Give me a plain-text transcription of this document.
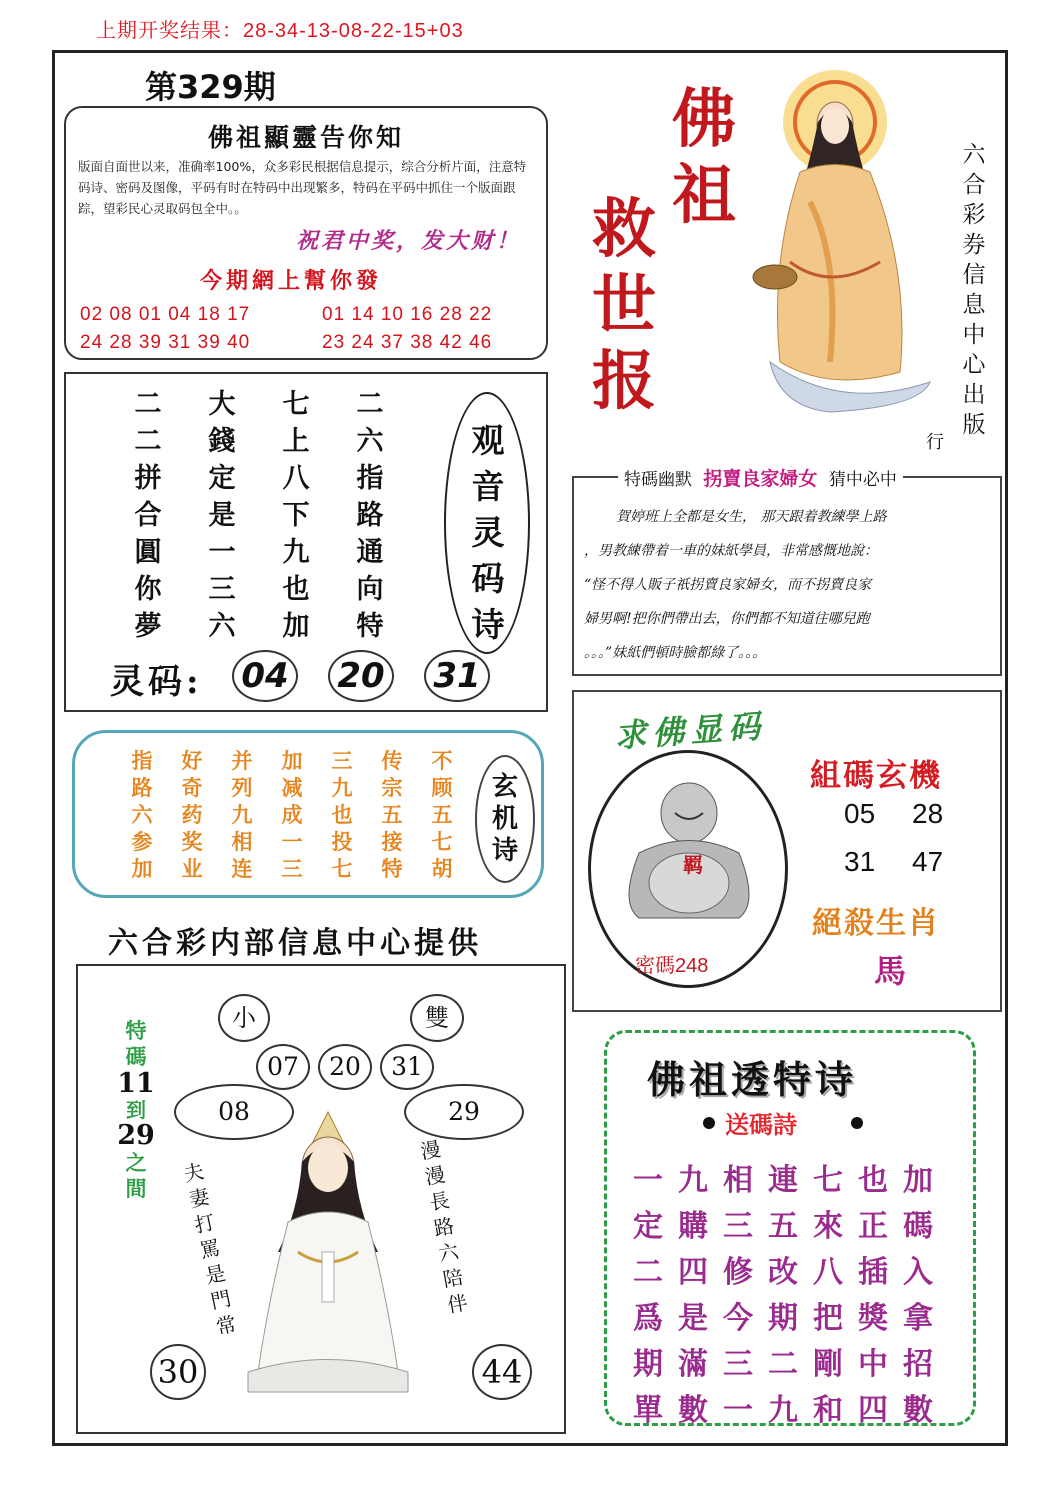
上期开奖结果：28-34-13-08-22-15+03
第329期
佛祖顯靈告你知
版面自面世以来，准确率100%，众多彩民根据信息提示，综合分析片面，注意特码诗、密码及图像，平码有时在特码中出现繁多，特码在平码中抓住一个版面跟踪，望彩民心灵取码包全中。。
祝君中奖，发大财！
今期網上幫你發
02 08 01 04 18 17	01 14 10 16 28 22
24 28 39 31 39 40	23 24 37 38 42 46
二二拼合圓你夢
大錢定是一三六
七上八下九也加
二六指路通向特
观音灵码诗
灵码: 04 20 31
指路六参加
好奇药奖业
并列九相连
加减成一三
三九也投七
传宗五接特
不顾五七胡
玄机诗
六合彩内部信息中心提供
小	雙
07	20	31
08	29
30	44
特
碼
11
到
29
之
間
夫妻打罵是門常
漫漫長路六陪伴
佛
祖
救
世
报
六合彩券信息中心出版
行
特碼幽默 拐賣良家婦女 猜中必中
賀婷班上全都是女生， 那天跟着教練學上路
，男教練帶着一車的妹紙學員，非常感慨地說：
“怪不得人販子祇拐賣良家婦女，而不拐賣良家
婦男啊!把你們帶出去，你們都不知道往哪兒跑
。。。”妹紙們頓時臉都綠了。。。
求佛显码
羁
密碼248
組碼玄機
05 28
31 47
絕殺生肖
馬
佛祖透特诗
送碼詩
一九相連七也加
定購三五來正碼
二四修改八插入
爲是今期把獎拿
期滿三二剛中招
單數一九和四數
